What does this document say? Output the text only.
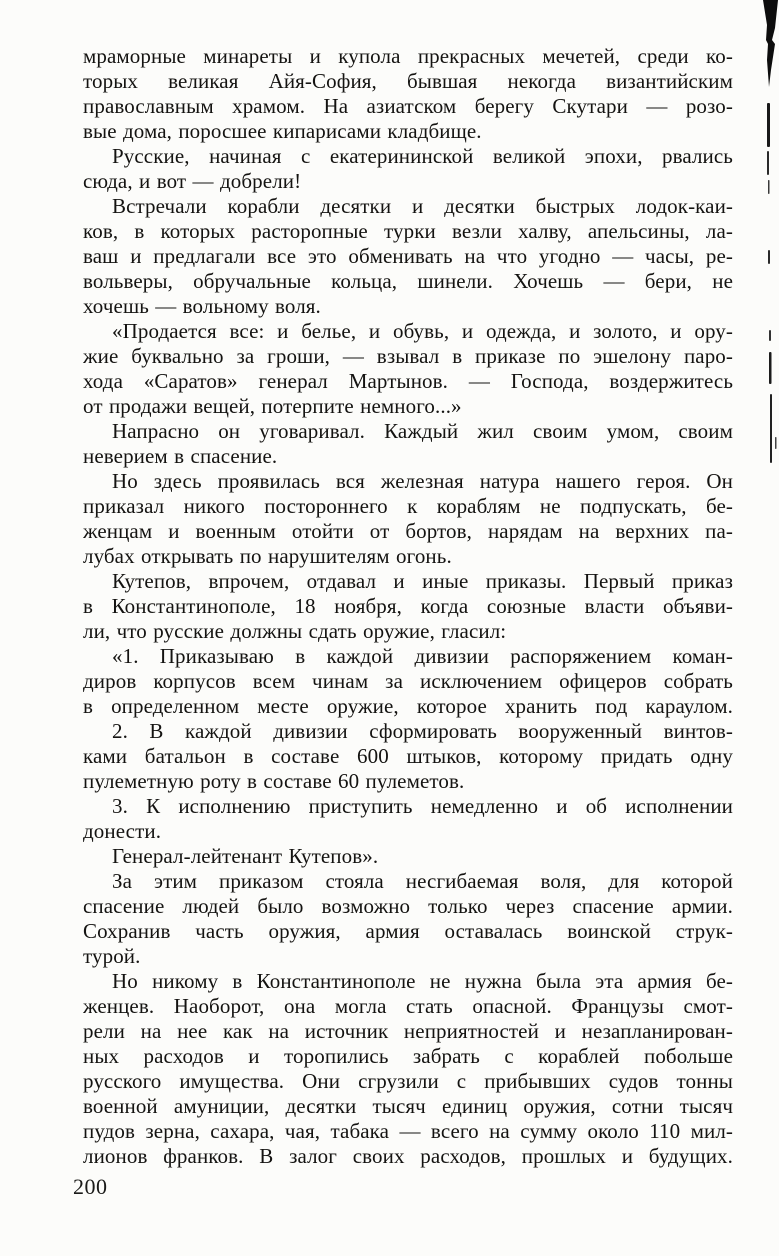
мраморные минареты и купола прекрасных мечетей, среди ко-
торых великая Айя-София, бывшая некогда византийским
православным храмом. На азиатском берегу Скутари — розо-
вые дома, поросшее кипарисами кладбище.
Русские, начиная с екатерининской великой эпохи, рвались
сюда, и вот — добрели!
Встречали корабли десятки и десятки быстрых лодок-каи-
ков, в которых расторопные турки везли халву, апельсины, ла-
ваш и предлагали все это обменивать на что угодно — часы, ре-
вольверы, обручальные кольца, шинели. Хочешь — бери, не
хочешь — вольному воля.
«Продается все: и белье, и обувь, и одежда, и золото, и ору-
жие буквально за гроши, — взывал в приказе по эшелону паро-
хода «Саратов» генерал Мартынов. — Господа, воздержитесь
от продажи вещей, потерпите немного...»
Напрасно он уговаривал. Каждый жил своим умом, своим
неверием в спасение.
Но здесь проявилась вся железная натура нашего героя. Он
приказал никого постороннего к кораблям не подпускать, бе-
женцам и военным отойти от бортов, нарядам на верхних па-
лубах открывать по нарушителям огонь.
Кутепов, впрочем, отдавал и иные приказы. Первый приказ
в Константинополе, 18 ноября, когда союзные власти объяви-
ли, что русские должны сдать оружие, гласил:
«1. Приказываю в каждой дивизии распоряжением коман-
диров корпусов всем чинам за исключением офицеров собрать
в определенном месте оружие, которое хранить под караулом.
2. В каждой дивизии сформировать вооруженный винтов-
ками батальон в составе 600 штыков, которому придать одну
пулеметную роту в составе 60 пулеметов.
3. К исполнению приступить немедленно и об исполнении
донести.
Генерал-лейтенант Кутепов».
За этим приказом стояла несгибаемая воля, для которой
спасение людей было возможно только через спасение армии.
Сохранив часть оружия, армия оставалась воинской струк-
турой.
Но никому в Константинополе не нужна была эта армия бе-
женцев. Наоборот, она могла стать опасной. Французы смот-
рели на нее как на источник неприятностей и незапланирован-
ных расходов и торопились забрать с кораблей побольше
русского имущества. Они сгрузили с прибывших судов тонны
военной амуниции, десятки тысяч единиц оружия, сотни тысяч
пудов зерна, сахара, чая, табака — всего на сумму около 110 мил-
лионов франков. В залог своих расходов, прошлых и будущих.
200
